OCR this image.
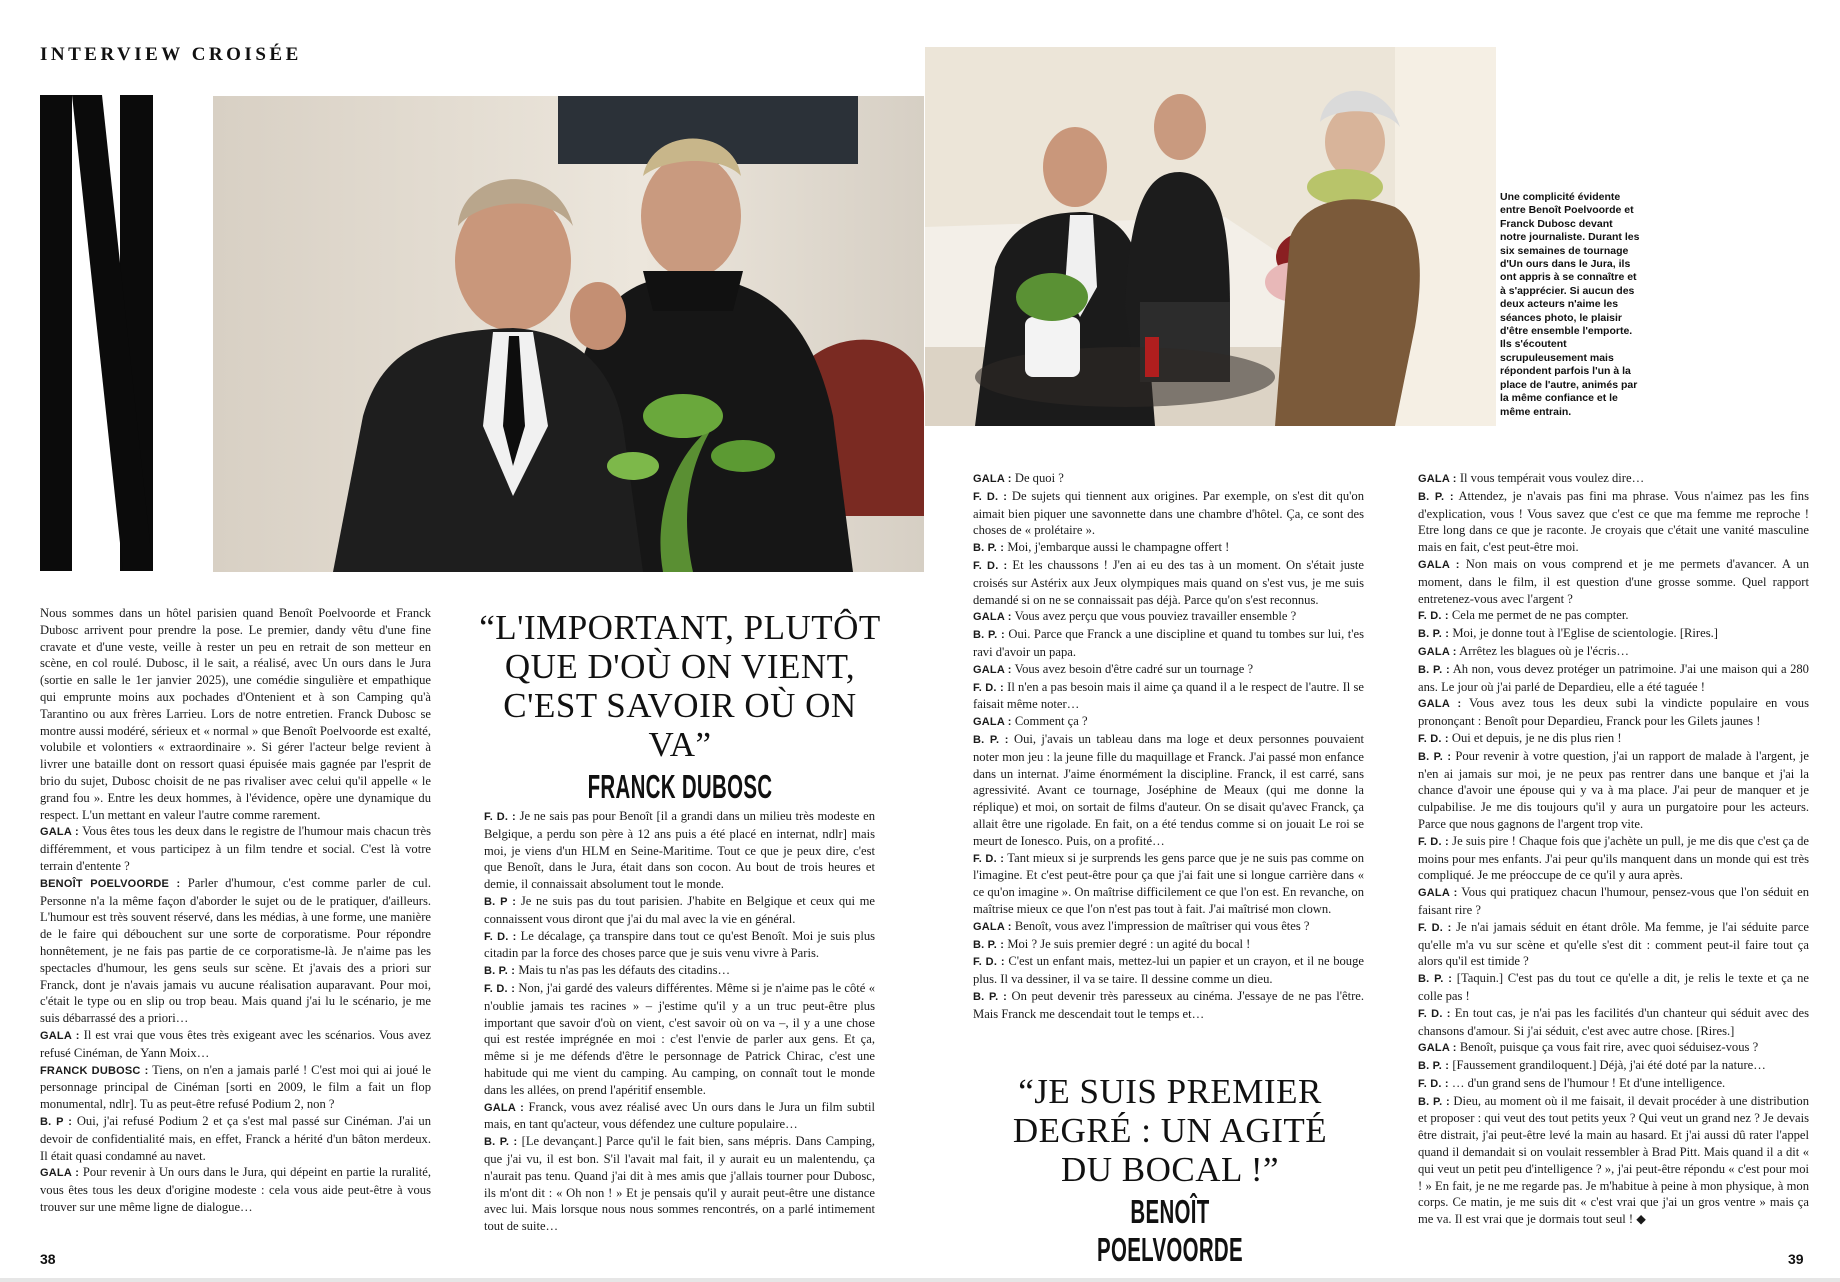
INTERVIEW CROISÉE
Une complicité évidente entre Benoît Poelvoorde et Franck Dubosc devant notre journaliste. Durant les six semaines de tournage d'Un ours dans le Jura, ils ont appris à se connaître et à s'apprécier. Si aucun des deux acteurs n'aime les séances photo, le plaisir d'être ensemble l'emporte. Ils s'écoutent scrupuleusement mais répondent parfois l'un à la place de l'autre, animés par la même confiance et le même entrain.

Nous sommes dans un hôtel parisien quand Benoît Poelvoorde et Franck Dubosc arrivent pour prendre la pose. Le premier, dandy vêtu d'une fine cravate et d'une veste, veille à rester un peu en retrait de son metteur en scène, en col roulé. Dubosc, il le sait, a réalisé, avec Un ours dans le Jura (sortie en salle le 1er janvier 2025), une comédie singulière et empathique qui emprunte moins aux pochades d'Ontenient et à son Camping qu'à Tarantino ou aux frères Larrieu. Lors de notre entretien. Franck Dubosc se montre aussi modéré, sérieux et « normal » que Benoît Poelvoorde est exalté, volubile et volontiers « extraordinaire ». Si gérer l'acteur belge revient à livrer une bataille dont on ressort quasi épuisée mais gagnée par l'esprit de brio du sujet, Dubosc choisit de ne pas rivaliser avec celui qu'il appelle « le grand fou ». Entre les deux hommes, à l'évidence, opère une dynamique du respect. L'un mettant en valeur l'autre comme rarement.

GALA : Vous êtes tous les deux dans le registre de l'humour mais chacun très différemment, et vous participez à un film tendre et social. C'est là votre terrain d'entente ?

BENOÎT POELVOORDE : Parler d'humour, c'est comme parler de cul. Personne n'a la même façon d'aborder le sujet ou de le pratiquer, d'ailleurs. L'humour est très souvent réservé, dans les médias, à une forme, une manière de le faire qui débouchent sur une sorte de corporatisme. Pour répondre honnêtement, je ne fais pas partie de ce corporatisme-là. Je n'aime pas les spectacles d'humour, les gens seuls sur scène. Et j'avais des a priori sur Franck, dont je n'avais jamais vu aucune réalisation auparavant. Pour moi, c'était le type ou en slip ou trop beau. Mais quand j'ai lu le scénario, je me suis débarrassé des a priori…

GALA : Il est vrai que vous êtes très exigeant avec les scénarios. Vous avez refusé Cinéman, de Yann Moix…

FRANCK DUBOSC : Tiens, on n'en a jamais parlé ! C'est moi qui ai joué le personnage principal de Cinéman [sorti en 2009, le film a fait un flop monumental, ndlr]. Tu as peut-être refusé Podium 2, non ?

B. P : Oui, j'ai refusé Podium 2 et ça s'est mal passé sur Cinéman. J'ai un devoir de confidentialité mais, en effet, Franck a hérité d'un bâton merdeux. Il était quasi condamné au navet.

GALA : Pour revenir à Un ours dans le Jura, qui dépeint en partie la ruralité, vous êtes tous les deux d'origine modeste : cela vous aide peut-être à vous trouver sur une même ligne de dialogue…

F. D. : Je ne sais pas pour Benoît [il a grandi dans un milieu très modeste en Belgique, a perdu son père à 12 ans puis a été placé en internat, ndlr] mais moi, je viens d'un HLM en Seine-Maritime. Tout ce que je peux dire, c'est que Benoît, dans le Jura, était dans son cocon. Au bout de trois heures et demie, il connaissait absolument tout le monde.

B. P : Je ne suis pas du tout parisien. J'habite en Belgique et ceux qui me connaissent vous diront que j'ai du mal avec la vie en général.

F. D. : Le décalage, ça transpire dans tout ce qu'est Benoît. Moi je suis plus citadin par la force des choses parce que je suis venu vivre à Paris.

B. P. : Mais tu n'as pas les défauts des citadins…

F. D. : Non, j'ai gardé des valeurs différentes. Même si je n'aime pas le côté « n'oublie jamais tes racines » – j'estime qu'il y a un truc peut-être plus important que savoir d'où on vient, c'est savoir où on va –, il y a une chose qui est restée imprégnée en moi : c'est l'envie de parler aux gens. Et ça, même si je me défends d'être le personnage de Patrick Chirac, c'est une habitude qui me vient du camping. Au camping, on connaît tout le monde dans les allées, on prend l'apéritif ensemble.

GALA : Franck, vous avez réalisé avec Un ours dans le Jura un film subtil mais, en tant qu'acteur, vous défendez une culture populaire…

B. P. : [Le devançant.] Parce qu'il le fait bien, sans mépris. Dans Camping, que j'ai vu, il est bon. S'il l'avait mal fait, il y aurait eu un malentendu, ça n'aurait pas tenu. Quand j'ai dit à mes amis que j'allais tourner pour Dubosc, ils m'ont dit : « Oh non ! » Et je pensais qu'il y aurait peut-être une distance avec lui. Mais lorsque nous nous sommes rencontrés, on a parlé intimement tout de suite…

GALA : De quoi ?

F. D. : De sujets qui tiennent aux origines. Par exemple, on s'est dit qu'on aimait bien piquer une savonnette dans une chambre d'hôtel. Ça, ce sont des choses de « prolétaire ».

B. P. : Moi, j'embarque aussi le champagne offert !

F. D. : Et les chaussons ! J'en ai eu des tas à un moment. On s'était juste croisés sur Astérix aux Jeux olympiques mais quand on s'est vus, je me suis demandé si on ne se connaissait pas déjà. Parce qu'on s'est reconnus.

GALA : Vous avez perçu que vous pouviez travailler ensemble ?

B. P. : Oui. Parce que Franck a une discipline et quand tu tombes sur lui, t'es ravi d'avoir un papa.

GALA : Vous avez besoin d'être cadré sur un tournage ?

F. D. : Il n'en a pas besoin mais il aime ça quand il a le respect de l'autre. Il se faisait même noter…

GALA : Comment ça ?

B. P. : Oui, j'avais un tableau dans ma loge et deux personnes pouvaient noter mon jeu : la jeune fille du maquillage et Franck. J'ai passé mon enfance dans un internat. J'aime énormément la discipline. Franck, il est carré, sans agressivité. Avant ce tournage, Joséphine de Meaux (qui me donne la réplique) et moi, on sortait de films d'auteur. On se disait qu'avec Franck, ça allait être une rigolade. En fait, on a été tendus comme si on jouait Le roi se meurt de Ionesco. Puis, on a profité…

F. D. : Tant mieux si je surprends les gens parce que je ne suis pas comme on l'imagine. Et c'est peut-être pour ça que j'ai fait une si longue carrière dans « ce qu'on imagine ». On maîtrise difficilement ce que l'on est. En revanche, on maîtrise mieux ce que l'on n'est pas tout à fait. J'ai maîtrisé mon clown.

GALA : Benoît, vous avez l'impression de maîtriser qui vous êtes ?

B. P. : Moi ? Je suis premier degré : un agité du bocal !

F. D. : C'est un enfant mais, mettez-lui un papier et un crayon, et il ne bouge plus. Il va dessiner, il va se taire. Il dessine comme un dieu.

B. P. : On peut devenir très paresseux au cinéma. J'essaye de ne pas l'être. Mais Franck me descendait tout le temps et…

GALA : Il vous tempérait vous voulez dire…

B. P. : Attendez, je n'avais pas fini ma phrase. Vous n'aimez pas les fins d'explication, vous ! Vous savez que c'est ce que ma femme me reproche ! Etre long dans ce que je raconte. Je croyais que c'était une vanité masculine mais en fait, c'est peut-être moi.

GALA : Non mais on vous comprend et je me permets d'avancer. A un moment, dans le film, il est question d'une grosse somme. Quel rapport entretenez-vous avec l'argent ?

F. D. : Cela me permet de ne pas compter.

B. P. : Moi, je donne tout à l'Eglise de scientologie. [Rires.]

GALA : Arrêtez les blagues où je l'écris…

B. P. : Ah non, vous devez protéger un patrimoine. J'ai une maison qui a 280 ans. Le jour où j'ai parlé de Depardieu, elle a été taguée !

GALA : Vous avez tous les deux subi la vindicte populaire en vous prononçant : Benoît pour Depardieu, Franck pour les Gilets jaunes !

F. D. : Oui et depuis, je ne dis plus rien !

B. P. : Pour revenir à votre question, j'ai un rapport de malade à l'argent, je n'en ai jamais sur moi, je ne peux pas rentrer dans une banque et j'ai la chance d'avoir une épouse qui y va à ma place. J'ai peur de manquer et je culpabilise. Je me dis toujours qu'il y aura un purgatoire pour les acteurs. Parce que nous gagnons de l'argent trop vite.

F. D. : Je suis pire ! Chaque fois que j'achète un pull, je me dis que c'est ça de moins pour mes enfants. J'ai peur qu'ils manquent dans un monde qui est très compliqué. Je me préoccupe de ce qu'il y aura après.

GALA : Vous qui pratiquez chacun l'humour, pensez-vous que l'on séduit en faisant rire ?

F. D. : Je n'ai jamais séduit en étant drôle. Ma femme, je l'ai séduite parce qu'elle m'a vu sur scène et qu'elle s'est dit : comment peut-il faire tout ça alors qu'il est timide ?

B. P. : [Taquin.] C'est pas du tout ce qu'elle a dit, je relis le texte et ça ne colle pas !

F. D. : En tout cas, je n'ai pas les facilités d'un chanteur qui séduit avec des chansons d'amour. Si j'ai séduit, c'est avec autre chose. [Rires.]

GALA : Benoît, puisque ça vous fait rire, avec quoi séduisez-vous ?

B. P. : [Faussement grandiloquent.] Déjà, j'ai été doté par la nature…

F. D. : … d'un grand sens de l'humour ! Et d'une intelligence.

B. P. : Dieu, au moment où il me faisait, il devait procéder à une distribution et proposer : qui veut des tout petits yeux ? Qui veut un grand nez ? Je devais être distrait, j'ai peut-être levé la main au hasard. Et j'ai aussi dû rater l'appel quand il demandait si on voulait ressembler à Brad Pitt. Mais quand il a dit « qui veut un petit peu d'intelligence ? », j'ai peut-être répondu « c'est pour moi ! » En fait, je ne me regarde pas. Je m'habitue à peine à mon physique, à mon corps. Ce matin, je me suis dit « c'est vrai que j'ai un gros ventre » mais ça me va. Il est vrai que je dormais tout seul ! ◆

“L'IMPORTANT, PLUTÔT QUE D'OÙ ON VIENT, C'EST SAVOIR OÙ ON VA”
FRANCK DUBOSC
“JE SUIS PREMIER DEGRÉ : UN AGITÉ DU BOCAL !”
BENOÎT POELVOORDE
38	39
